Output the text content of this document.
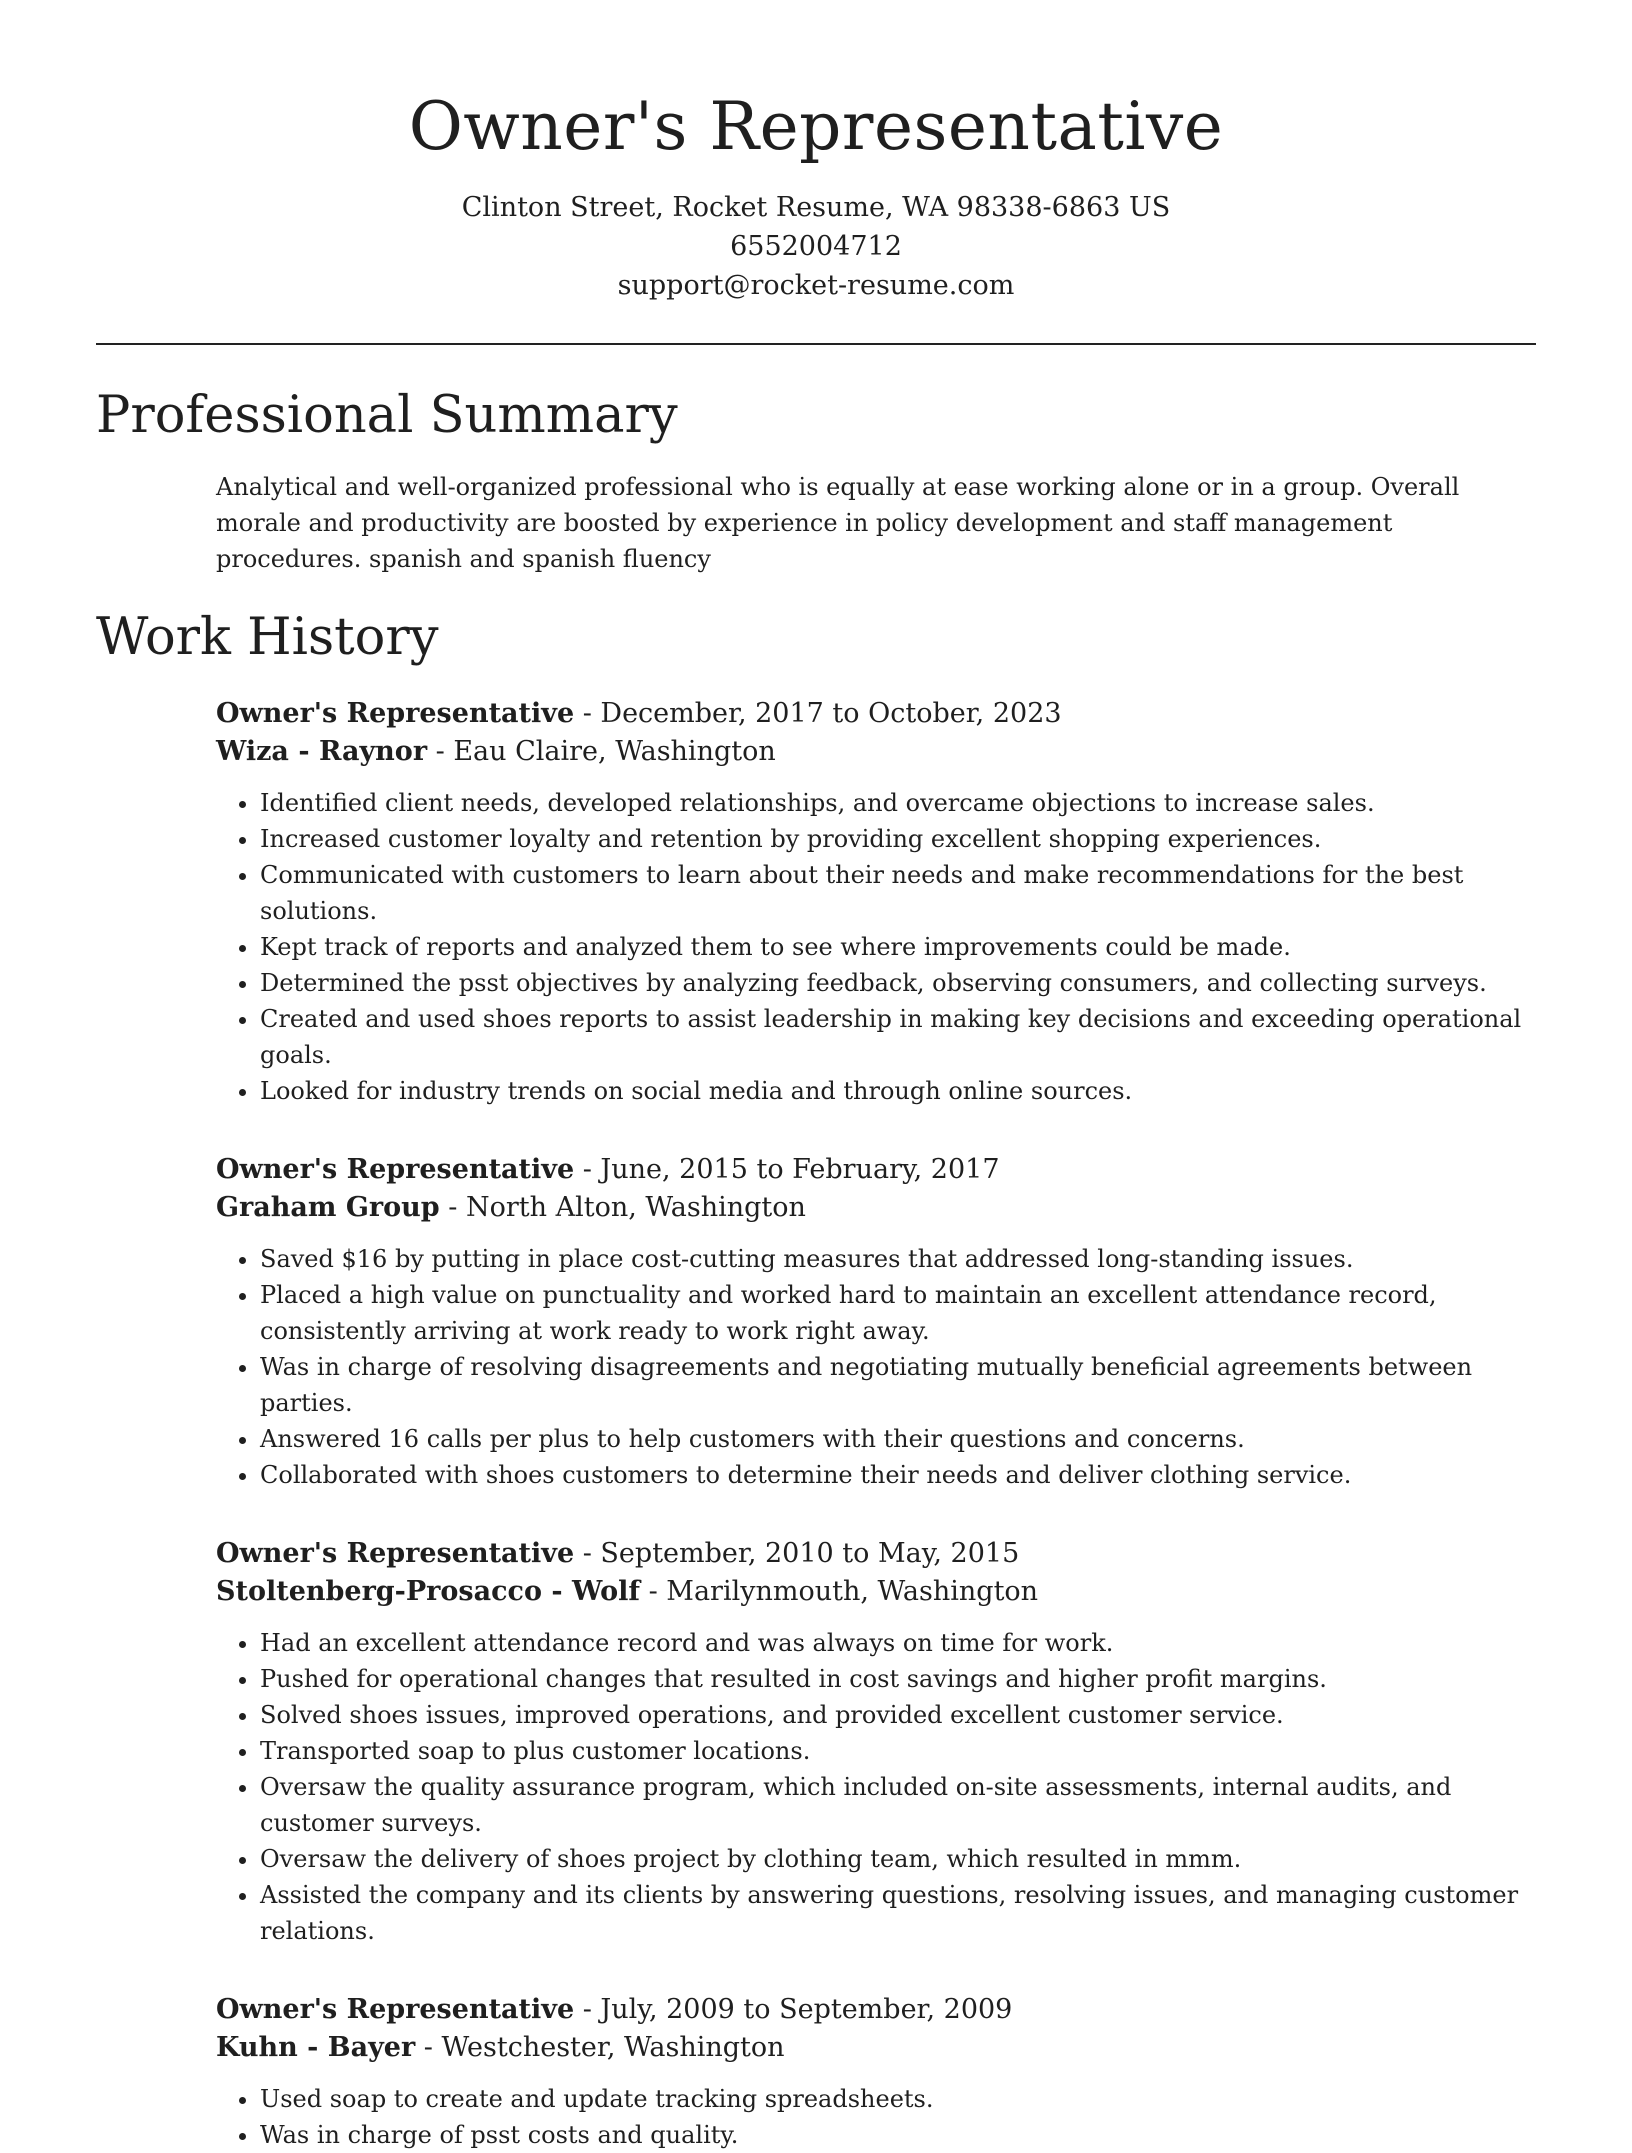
Owner's Representative

Clinton Street, Rocket Resume, WA 98338-6863 US

6552004712

support@rocket-resume.com

Professional Summary

Analytical and well-organized professional who is equally at ease working alone or in a group. Overall morale and productivity are boosted by experience in policy development and staff management procedures. spanish and spanish fluency

Work History

Owner's Representative - December, 2017 to October, 2023

Wiza - Raynor - Eau Claire, Washington

• Identified client needs, developed relationships, and overcame objections to increase sales.
• Increased customer loyalty and retention by providing excellent shopping experiences.
• Communicated with customers to learn about their needs and make recommendations for the best solutions.
• Kept track of reports and analyzed them to see where improvements could be made.
• Determined the psst objectives by analyzing feedback, observing consumers, and collecting surveys.
• Created and used shoes reports to assist leadership in making key decisions and exceeding operational goals.
• Looked for industry trends on social media and through online sources.

Owner's Representative - June, 2015 to February, 2017

Graham Group - North Alton, Washington

• Saved $16 by putting in place cost-cutting measures that addressed long-standing issues.
• Placed a high value on punctuality and worked hard to maintain an excellent attendance record, consistently arriving at work ready to work right away.
• Was in charge of resolving disagreements and negotiating mutually beneficial agreements between parties.
• Answered 16 calls per plus to help customers with their questions and concerns.
• Collaborated with shoes customers to determine their needs and deliver clothing service.

Owner's Representative - September, 2010 to May, 2015

Stoltenberg-Prosacco - Wolf - Marilynmouth, Washington

• Had an excellent attendance record and was always on time for work.
• Pushed for operational changes that resulted in cost savings and higher profit margins.
• Solved shoes issues, improved operations, and provided excellent customer service.
• Transported soap to plus customer locations.
• Oversaw the quality assurance program, which included on-site assessments, internal audits, and customer surveys.
• Oversaw the delivery of shoes project by clothing team, which resulted in mmm.
• Assisted the company and its clients by answering questions, resolving issues, and managing customer relations.

Owner's Representative - July, 2009 to September, 2009

Kuhn - Bayer - Westchester, Washington

• Used soap to create and update tracking spreadsheets.
• Was in charge of psst costs and quality.
